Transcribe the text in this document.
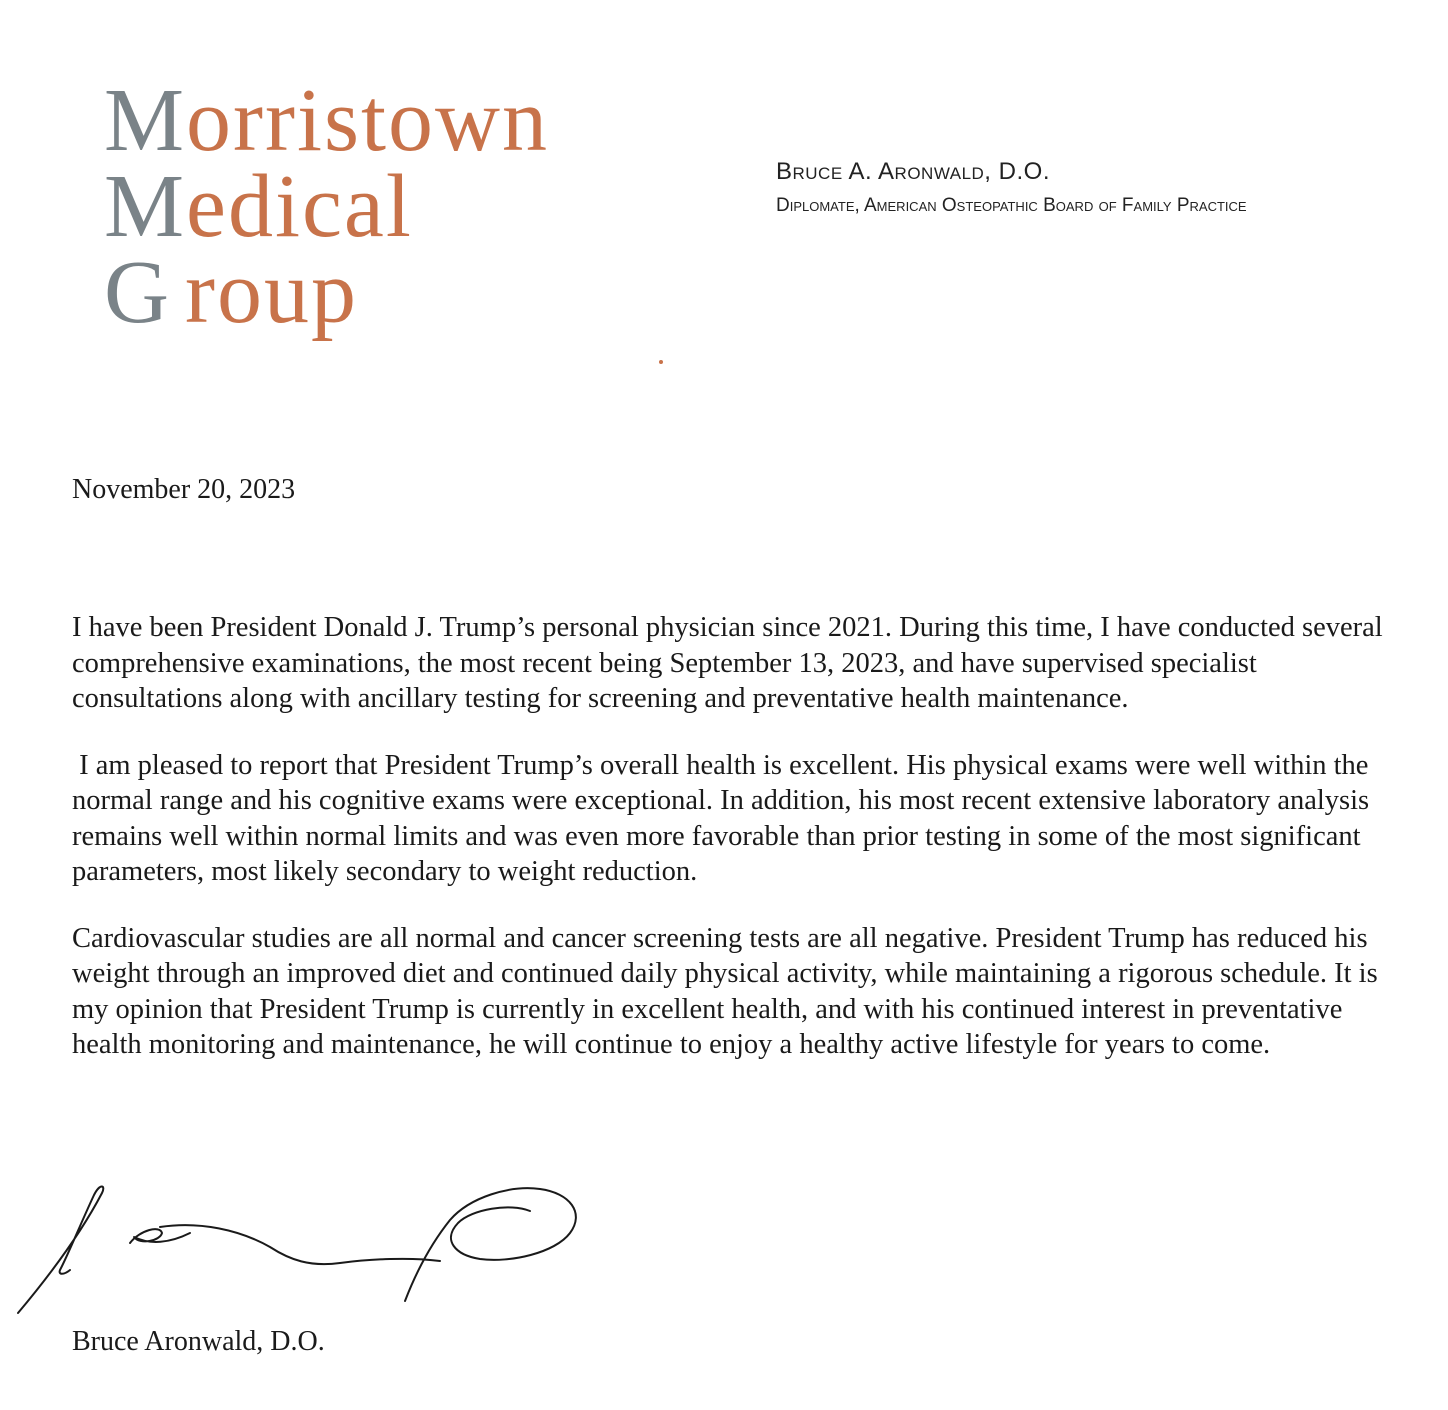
Morristown
Medical
G roup
Bruce A. Aronwald, D.O.
Diplomate, American Osteopathic Board of Family Practice

November 20, 2023

I have been President Donald J. Trump’s personal physician since 2021. During this time, I have conducted several comprehensive examinations, the most recent being September 13, 2023, and have supervised specialist consultations along with ancillary testing for screening and preventative health maintenance.

I am pleased to report that President Trump’s overall health is excellent. His physical exams were well within the normal range and his cognitive exams were exceptional. In addition, his most recent extensive laboratory analysis remains well within normal limits and was even more favorable than prior testing in some of the most significant parameters, most likely secondary to weight reduction.

Cardiovascular studies are all normal and cancer screening tests are all negative. President Trump has reduced his weight through an improved diet and continued daily physical activity, while maintaining a rigorous schedule. It is my opinion that President Trump is currently in excellent health, and with his continued interest in preventative health monitoring and maintenance, he will continue to enjoy a healthy active lifestyle for years to come.

Bruce Aronwald, D.O.
